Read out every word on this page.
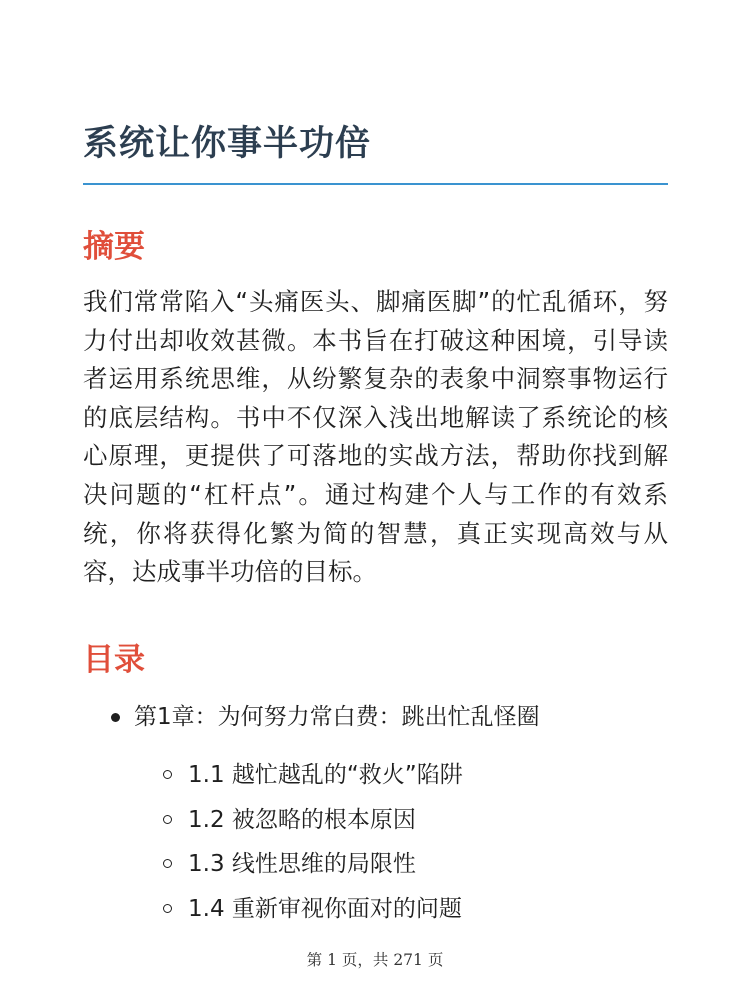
系统让你事半功倍
摘要

我们常常陷入“头痛医头、脚痛医脚”的忙乱循环，努力付出却收效甚微。本书旨在打破这种困境，引导读者运用系统思维，从纷繁复杂的表象中洞察事物运行的底层结构。书中不仅深入浅出地解读了系统论的核心原理，更提供了可落地的实战方法，帮助你找到解决问题的“杠杆点”。通过构建个人与工作的有效系统，你将获得化繁为简的智慧，真正实现高效与从容，达成事半功倍的目标。

目录
第1章：为何努力常白费：跳出忙乱怪圈
1.1 越忙越乱的“救火”陷阱
1.2 被忽略的根本原因
1.3 线性思维的局限性
1.4 重新审视你面对的问题
第 1 页，共 271 页
